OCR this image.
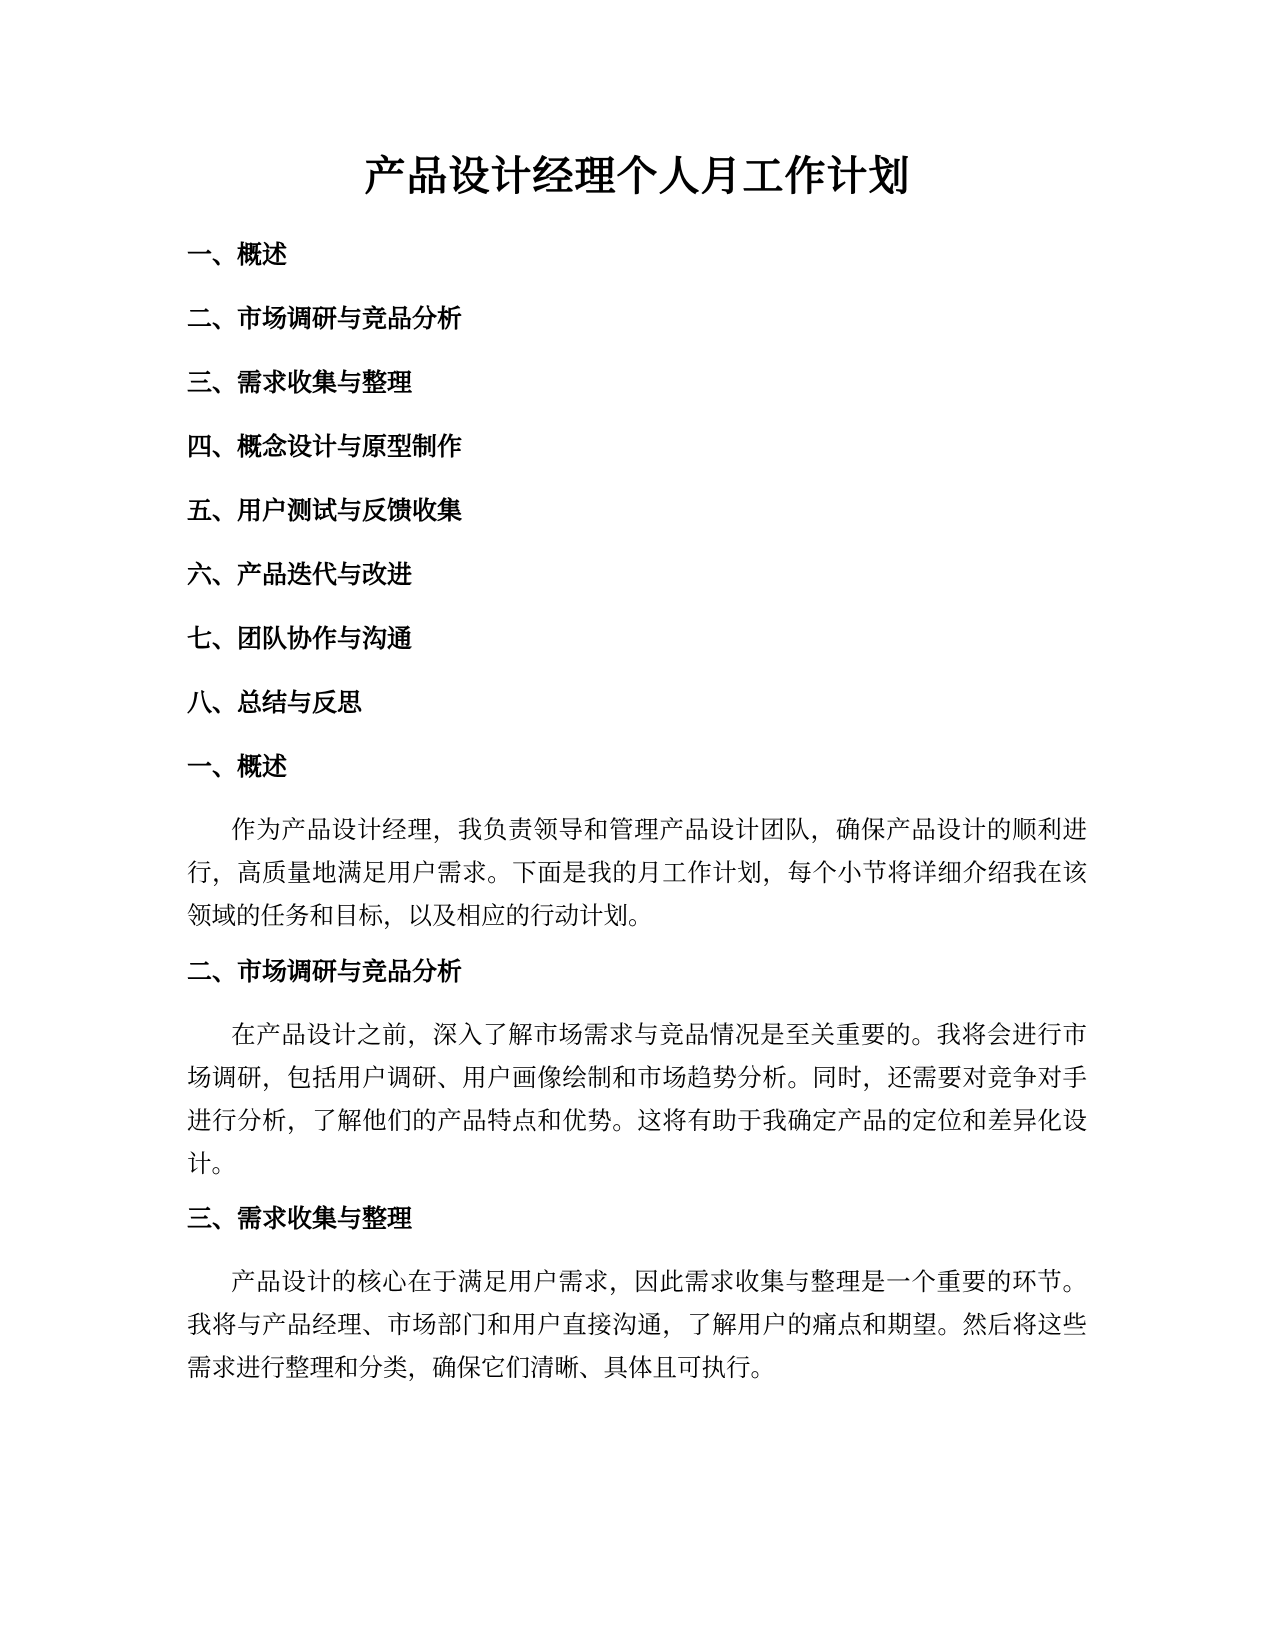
产品设计经理个人月工作计划
一、概述
二、市场调研与竞品分析
三、需求收集与整理
四、概念设计与原型制作
五、用户测试与反馈收集
六、产品迭代与改进
七、团队协作与沟通
八、总结与反思
一、概述

作为产品设计经理，我负责领导和管理产品设计团队，确保产品设计的顺利进行，高质量地满足用户需求。下面是我的月工作计划，每个小节将详细介绍我在该领域的任务和目标，以及相应的行动计划。

二、市场调研与竞品分析

在产品设计之前，深入了解市场需求与竞品情况是至关重要的。我将会进行市场调研，包括用户调研、用户画像绘制和市场趋势分析。同时，还需要对竞争对手进行分析，了解他们的产品特点和优势。这将有助于我确定产品的定位和差异化设计。

三、需求收集与整理

产品设计的核心在于满足用户需求，因此需求收集与整理是一个重要的环节。我将与产品经理、市场部门和用户直接沟通，了解用户的痛点和期望。然后将这些需求进行整理和分类，确保它们清晰、具体且可执行。
